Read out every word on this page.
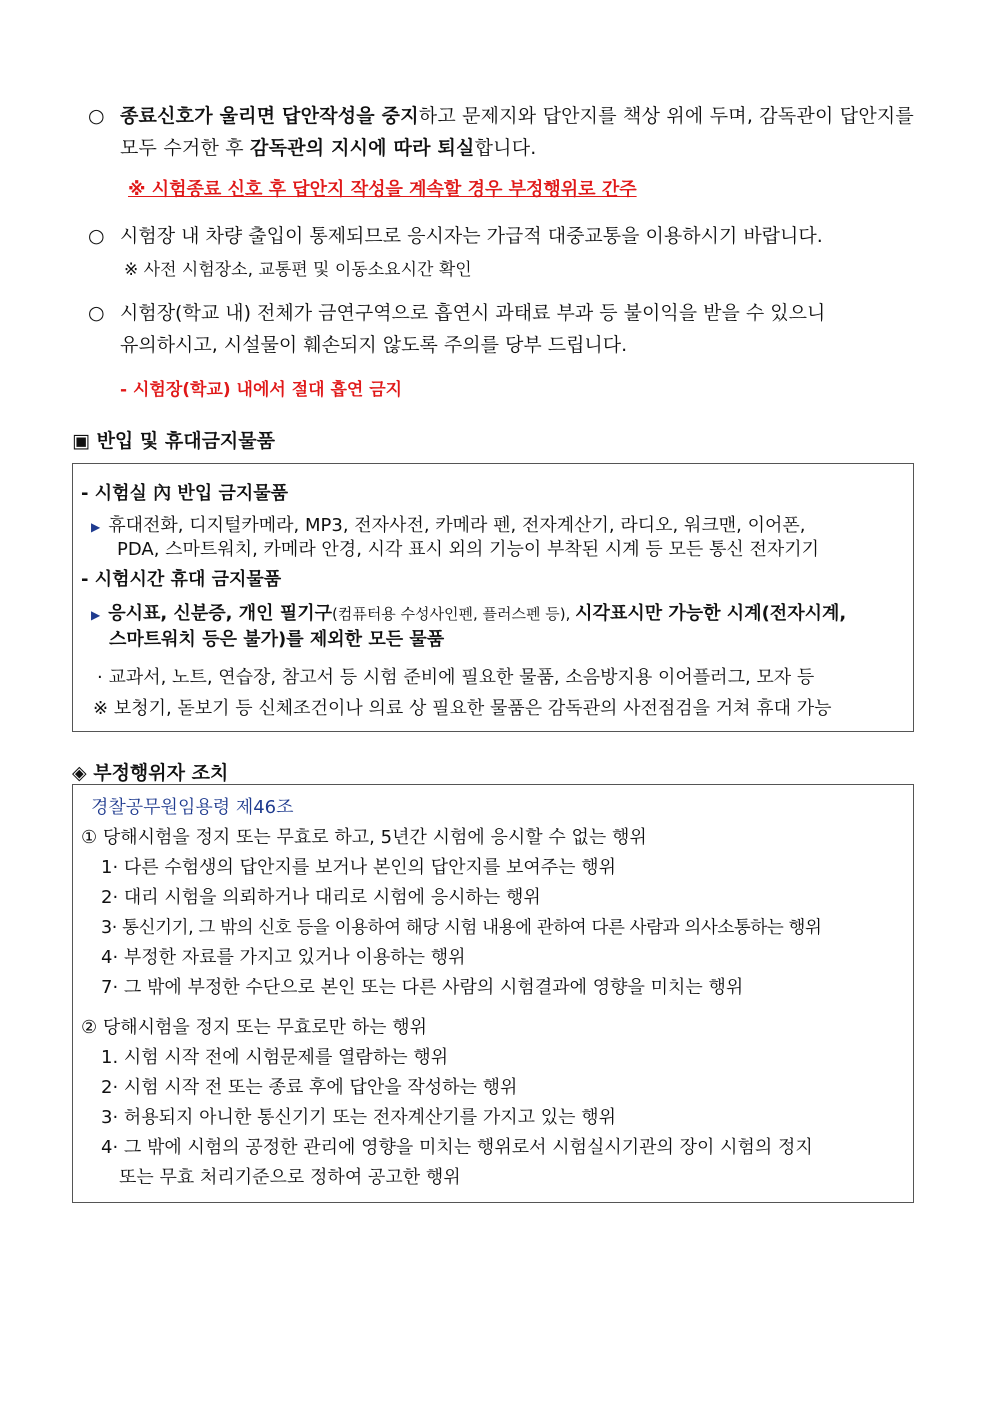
○ 종료신호가 울리면 답안작성을 중지하고 문제지와 답안지를 책상 위에 두며, 감독관이 답안지를
모두 수거한 후 감독관의 지시에 따라 퇴실합니다.
※ 시험종료 신호 후 답안지 작성을 계속할 경우 부정행위로 간주
○ 시험장 내 차량 출입이 통제되므로 응시자는 가급적 대중교통을 이용하시기 바랍니다.
※ 사전 시험장소, 교통편 및 이동소요시간 확인
○ 시험장(학교 내) 전체가 금연구역으로 흡연시 과태료 부과 등 불이익을 받을 수 있으니
유의하시고, 시설물이 훼손되지 않도록 주의를 당부 드립니다.
- 시험장(학교) 내에서 절대 흡연 금지
▣ 반입 및 휴대금지물품
- 시험실 內 반입 금지물품
▶ 휴대전화, 디지털카메라, MP3, 전자사전, 카메라 펜, 전자계산기, 라디오, 워크맨, 이어폰,
PDA, 스마트워치, 카메라 안경, 시각 표시 외의 기능이 부착된 시계 등 모든 통신 전자기기
- 시험시간 휴대 금지물품
▶ 응시표, 신분증, 개인 필기구(컴퓨터용 수성사인펜, 플러스펜 등), 시각표시만 가능한 시계(전자시계,
스마트워치 등은 불가)를 제외한 모든 물품
· 교과서, 노트, 연습장, 참고서 등 시험 준비에 필요한 물품, 소음방지용 이어플러그, 모자 등
※ 보청기, 돋보기 등 신체조건이나 의료 상 필요한 물품은 감독관의 사전점검을 거쳐 휴대 가능
◈ 부정행위자 조치
경찰공무원임용령 제46조
① 당해시험을 정지 또는 무효로 하고, 5년간 시험에 응시할 수 없는 행위
1· 다른 수험생의 답안지를 보거나 본인의 답안지를 보여주는 행위
2· 대리 시험을 의뢰하거나 대리로 시험에 응시하는 행위
3· 통신기기, 그 밖의 신호 등을 이용하여 해당 시험 내용에 관하여 다른 사람과 의사소통하는 행위
4· 부정한 자료를 가지고 있거나 이용하는 행위
7· 그 밖에 부정한 수단으로 본인 또는 다른 사람의 시험결과에 영향을 미치는 행위
② 당해시험을 정지 또는 무효로만 하는 행위
1. 시험 시작 전에 시험문제를 열람하는 행위
2· 시험 시작 전 또는 종료 후에 답안을 작성하는 행위
3· 허용되지 아니한 통신기기 또는 전자계산기를 가지고 있는 행위
4· 그 밖에 시험의 공정한 관리에 영향을 미치는 행위로서 시험실시기관의 장이 시험의 정지
또는 무효 처리기준으로 정하여 공고한 행위
